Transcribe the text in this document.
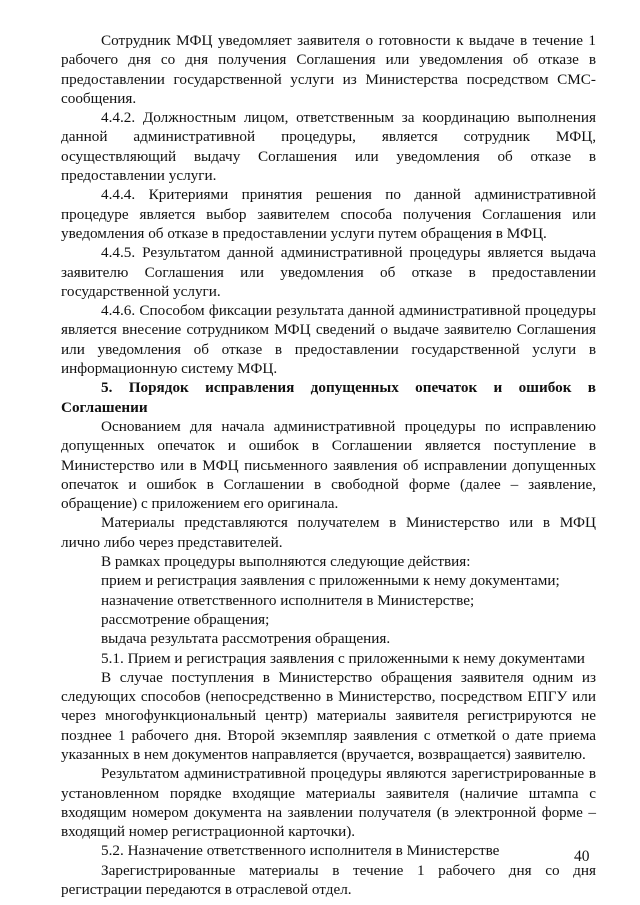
Сотрудник МФЦ уведомляет заявителя о готовности к выдаче в течение 1 рабочего дня со дня получения Соглашения или уведомления об отказе в предоставлении государственной услуги из Министерства посредством СМС-сообщения.

4.4.2. Должностным лицом, ответственным за координацию выполнения данной административной процедуры, является сотрудник МФЦ, осуществляющий выдачу Соглашения или уведомления об отказе в предоставлении услуги.

4.4.4. Критериями принятия решения по данной административной процедуре является выбор заявителем способа получения Соглашения или уведомления об отказе в предоставлении услуги путем обращения в МФЦ.

4.4.5. Результатом данной административной процедуры является выдача заявителю Соглашения или уведомления об отказе в предоставлении государственной услуги.

4.4.6. Способом фиксации результата данной административной процедуры является внесение сотрудником МФЦ сведений о выдаче заявителю Соглашения или уведомления об отказе в предоставлении государственной услуги в информационную систему МФЦ.

5. Порядок исправления допущенных опечаток и ошибок в Соглашении

Основанием для начала административной процедуры по исправлению допущенных опечаток и ошибок в Соглашении является поступление в Министерство или в МФЦ письменного заявления об исправлении допущенных опечаток и ошибок в Соглашении в свободной форме (далее – заявление, обращение) с приложением его оригинала.

Материалы представляются получателем в Министерство или в МФЦ лично либо через представителей.

В рамках процедуры выполняются следующие действия:

прием и регистрация заявления с приложенными к нему документами;

назначение ответственного исполнителя в Министерстве;

рассмотрение обращения;

выдача результата рассмотрения обращения.

5.1. Прием и регистрация заявления с приложенными к нему документами

В случае поступления в Министерство обращения заявителя одним из следующих способов (непосредственно в Министерство, посредством ЕПГУ или через многофункциональный центр) материалы заявителя регистрируются не позднее 1 рабочего дня. Второй экземпляр заявления с отметкой о дате приема указанных в нем документов направляется (вручается, возвращается) заявителю.

Результатом административной процедуры являются зарегистрированные в установленном порядке входящие материалы заявителя (наличие штампа с входящим номером документа на заявлении получателя (в электронной форме – входящий номер регистрационной карточки).

5.2. Назначение ответственного исполнителя в Министерстве

Зарегистрированные материалы в течение 1 рабочего дня со дня регистрации передаются в отраслевой отдел.

40
